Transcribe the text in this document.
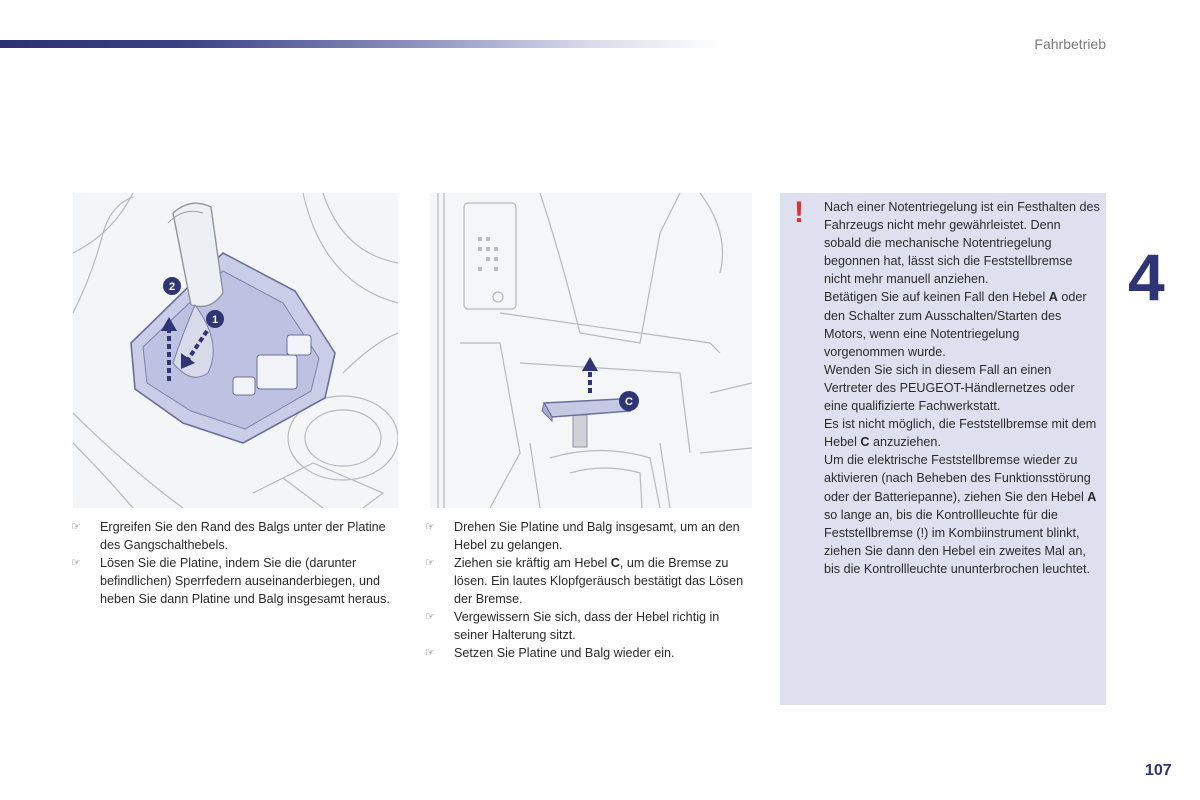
Fahrbetrieb
4
2
1
C
☞ Ergreifen Sie den Rand des Balgs unter der Platine des Gangschalthebels.
☞ Lösen Sie die Platine, indem Sie die (darunter befindlichen) Sperrfedern auseinanderbiegen, und heben Sie dann Platine und Balg insgesamt heraus.
☞ Drehen Sie Platine und Balg insgesamt, um an den Hebel zu gelangen.
☞ Ziehen sie kräftig am Hebel C, um die Bremse zu lösen. Ein lautes Klopfgeräusch bestätigt das Lösen der Bremse.
☞ Vergewissern Sie sich, dass der Hebel richtig in seiner Halterung sitzt.
☞ Setzen Sie Platine und Balg wieder ein.
! Nach einer Notentriegelung ist ein Festhalten des Fahrzeugs nicht mehr gewährleistet. Denn sobald die mechanische Notentriegelung begonnen hat, lässt sich die Feststellbremse nicht mehr manuell anziehen.

Betätigen Sie auf keinen Fall den Hebel A oder den Schalter zum Ausschalten/Starten des Motors, wenn eine Notentriegelung vorgenommen wurde.

Wenden Sie sich in diesem Fall an einen Vertreter des PEUGEOT-Händlernetzes oder eine qualifizierte Fachwerkstatt.

Es ist nicht möglich, die Feststellbremse mit dem Hebel C anzuziehen.

Um die elektrische Feststellbremse wieder zu aktivieren (nach Beheben des Funktionsstörung oder der Batteriepanne), ziehen Sie den Hebel A so lange an, bis die Kontrollleuchte für die Feststellbremse (!) im Kombiinstrument blinkt, ziehen Sie dann den Hebel ein zweites Mal an, bis die Kontrollleuchte ununterbrochen leuchtet.

107
